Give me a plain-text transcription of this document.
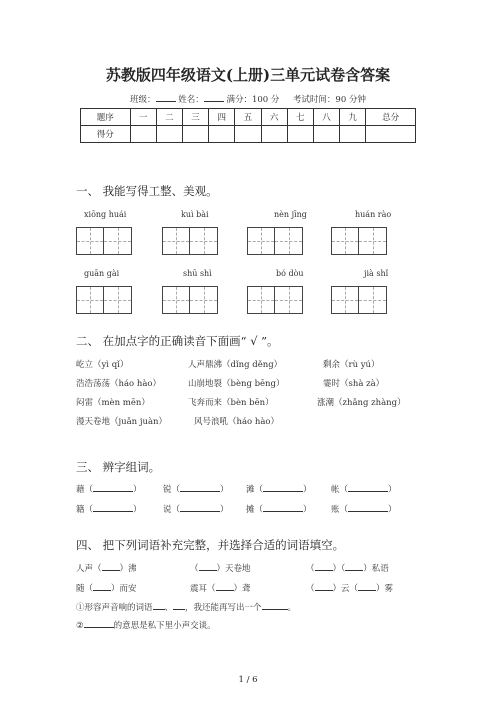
苏教版四年级语文(上册)三单元试卷含答案
班级：	姓名：	满分：100 分 考试时间：90 分钟
题序	一	二	三	四	五	六	七	八	九	总分
得分										
一、 我能写得工整、美观。
xiōng huái	kuì bài	nèn jīng	huán rào
guān gài	shū shì	bó dòu	jià shǐ
二、 在加点字的正确读音下面画“ √ ”。
屹立（yì qǐ）	人声鼎沸（dǐng děng）	剩余（rù yú）
浩浩荡荡（háo hào）	山崩地裂（bèng bēng）	霎时（shà zà）
闷雷（mèn mēn）	飞奔而来（bèn bēn）	涨潮（zhǎng zhàng）
漫天卷地（juǎn juàn）	风号浪吼（háo hào）
三、 辨字组词。
藉（	）	锐（	） 滩（	） 帐（	）
籍（	）	说（	） 摊（	） 账（	）
四、 把下列词语补充完整，并选择合适的词语填空。
人声（ ）沸	（ ）天卷地	（ ）（ ）私语
随（ ）而安	震耳（ ）聋	（ ）云（ ）雾
①形容声音响的词语 、 ，我还能再写出一个	。
②	的意思是私下里小声交谈。
1 / 6
